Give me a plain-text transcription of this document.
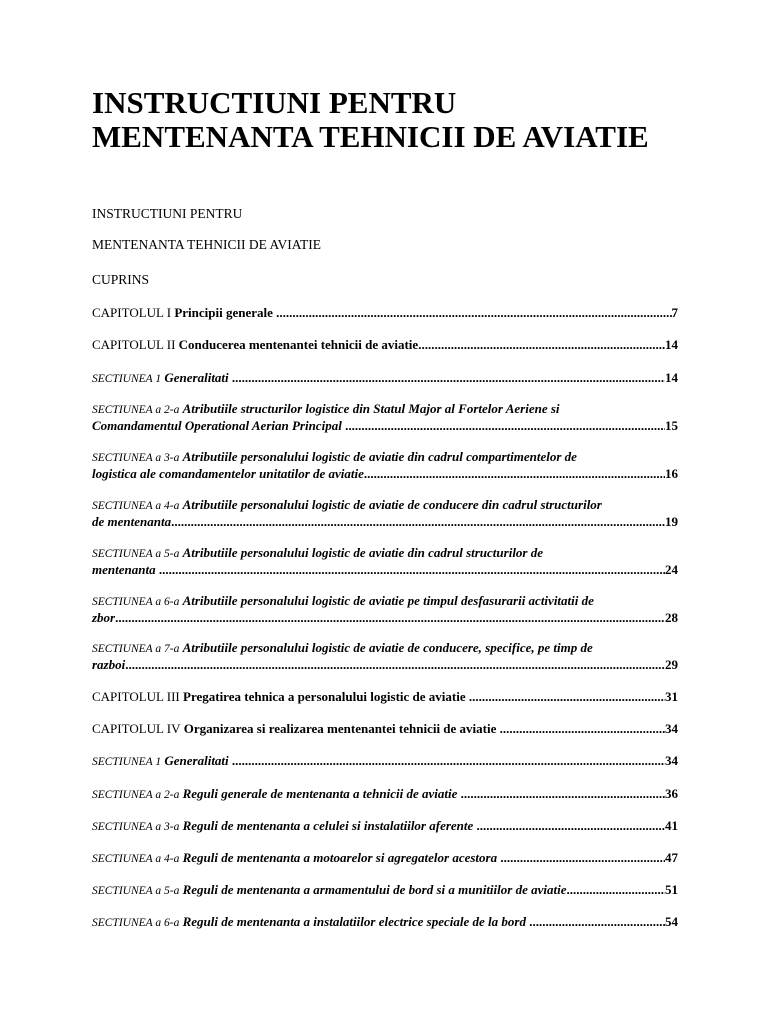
INSTRUCTIUNI PENTRU
MENTENANTA TEHNICII DE AVIATIE

INSTRUCTIUNI PENTRU

MENTENANTA TEHNICII DE AVIATIE

CUPRINS

CAPITOLUL I
Principii generale
.....	7
CAPITOLUL II
Conducerea mentenantei tehnicii de aviatie .....	14
SECTIUNEA 1
Generalitati
.....	14
SECTIUNEA a 2-a Atributiile structurilor logistice din Statul Major al Fortelor Aeriene si
Comandamentul Operational Aerian Principal
.....	15
SECTIUNEA a 3-a Atributiile personalului logistic de aviatie din cadrul compartimentelor de
logistica ale comandamentelor unitatilor de aviatie .....	16
SECTIUNEA a 4-a Atributiile personalului logistic de aviatie de conducere din cadrul structurilor
de mentenanta .....	19
SECTIUNEA a 5-a Atributiile personalului logistic de aviatie din cadrul structurilor de
mentenanta
.....	24
SECTIUNEA a 6-a Atributiile personalului logistic de aviatie pe timpul desfasurarii activitatii de
zbor .....	28
SECTIUNEA a 7-a Atributiile personalului logistic de aviatie de conducere, specifice, pe timp de
razboi .....	29
CAPITOLUL III
Pregatirea tehnica a personalului logistic de aviatie
.....	31
CAPITOLUL IV
Organizarea si realizarea mentenantei tehnicii de aviatie
.....	34
SECTIUNEA 1
Generalitati
.....	34
SECTIUNEA a 2-a
Reguli generale de mentenanta a tehnicii de aviatie
.....	36
SECTIUNEA a 3-a
Reguli de mentenanta a celulei si instalatiilor aferente
.....	41
SECTIUNEA a 4-a
Reguli de mentenanta a motoarelor si agregatelor acestora
.....	47
SECTIUNEA a 5-a
Reguli de mentenanta a armamentului de bord si a munitiilor de aviatie .....	51
SECTIUNEA a 6-a
Reguli de mentenanta a instalatiilor electrice speciale de la bord
.....	54
